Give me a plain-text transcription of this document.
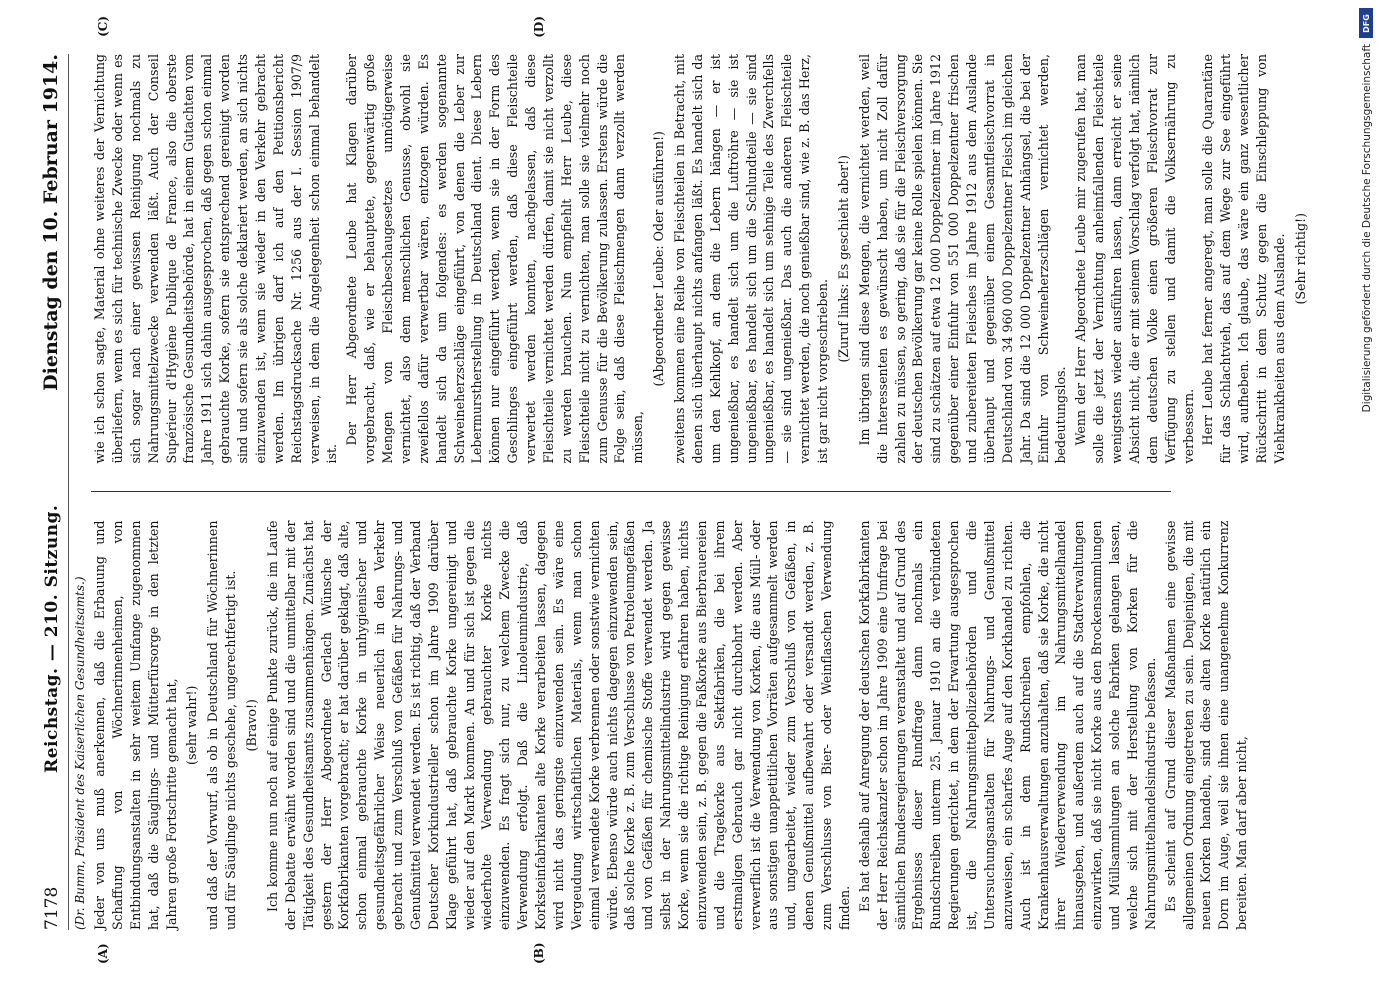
7178
Reichstag. — 210. Sitzung.
Dienstag den 10. Februar 1914.
(Dr. Bumm, Präsident des Kaiserlichen Gesundheitsamts.)
(A)	(B)

Jeder von uns muß anerkennen, daß die Erbauung und Schaffung von Wöchnerinnenheimen, von Entbindungsanstalten in sehr weitem Umfange zugenommen hat, daß die Säuglings- und Mütterfürsorge in den letzten Jahren große Fortschritte gemacht hat, (sehr wahr!) und daß der Vorwurf, als ob in Deutschland für Wöchnerinnen und für Säuglinge nichts geschehe, ungerechtfertigt ist. (Bravo!) Ich komme nun noch auf einige Punkte zurück, die im Laufe der Debatte erwähnt worden sind und die unmittelbar mit der Tätigkeit des Gesundheitsamts zusammenhängen. Zunächst hat gestern der Herr Abgeordnete Gerlach Wünsche der Korkfabrikanten vorgebracht; er hat darüber geklagt, daß alte, schon einmal gebrauchte Korke in unhygienischer und gesundheitsgefährlicher Weise neuerlich in den Verkehr gebracht und zum Verschluß von Gefäßen für Nahrungs- und Genußmittel verwendet werden. Es ist richtig, daß der Verband Deutscher Korkindustrieller schon im Jahre 1909 darüber Klage geführt hat, daß gebrauchte Korke ungereinigt und wieder auf den Markt kommen. An und für sich ist gegen die wiederholte Verwendung gebrauchter Korke nichts einzuwenden. Es fragt sich nur, zu welchem Zwecke die Verwendung erfolgt. Daß die Linoleumindustrie, daß Korksteinfabrikanten alte Korke verarbeiten lassen, dagegen wird nicht das geringste einzuwenden sein. Es wäre eine Vergeudung wirtschaftlichen Materials, wenn man schon einmal verwendete Korke verbrennen oder sonstwie vernichten würde. Ebenso würde auch nichts dagegen einzuwenden sein, daß solche Korke z. B. zum Verschlusse von Petroleumgefäßen und von Gefäßen für chemische Stoffe verwendet werden. Ja selbst in der Nahrungsmittelindustrie wird gegen gewisse Korke, wenn sie die richtige Reinigung erfahren haben, nichts einzuwenden sein, z. B. gegen die Faßkorke aus Bierbrauereien und die Tragekorke aus Sektfabriken, die bei ihrem erstmaligen Gebrauch gar nicht durchbohrt werden. Aber verwerflich ist die Verwendung von Korken, die aus Müll- oder aus sonstigen unappetitlichen Vorräten aufgesammelt werden und, ungearbeitet, wieder zum Verschluß von Gefäßen, in denen Genußmittel aufbewahrt oder versandt werden, z. B. zum Verschlusse von Bier- oder Weinflaschen Verwendung finden. Es hat deshalb auf Anregung der deutschen Korkfabrikanten der Herr Reichskanzler schon im Jahre 1909 eine Umfrage bei sämtlichen Bundesregierungen veranstaltet und auf Grund des Ergebnisses dieser Rundfrage dann nochmals ein Rundschreiben unterm 25. Januar 1910 an die verbündeten Regierungen gerichtet, in dem der Erwartung ausgesprochen ist, die Nahrungsmittelpolizeibehörden und die Untersuchungsanstalten für Nahrungs- und Genußmittel anzuweisen, ein scharfes Auge auf den Korkhandel zu richten. Auch ist in dem Rundschreiben empfohlen, die Krankenhausverwaltungen anzuhalten, daß sie Korke, die nicht ihrer Wiederverwendung im Nahrungsmittelhandel hinausgeben, und außerdem auch auf die Stadtverwaltungen einzuwirken, daß sie nicht Korke aus den Brockensammlungen und Müllsammlungen an solche Fabriken gelangen lassen, welche sich mit der Herstellung von Korken für die Nahrungsmittelhandelsindustrie befassen. Es scheint auf Grund dieser Maßnahmen eine gewisse allgemeinen Ordnung eingetreten zu sein. Denjenigen, die mit neuen Korken handeln, sind diese alten Korke natürlich ein Dorn im Auge, weil sie ihnen eine unangenehme Konkurrenz bereiten. Man darf aber nicht,

(C)	(D)

wie ich schon sagte, Material ohne weiteres der Vernichtung überliefern, wenn es sich für technische Zwecke oder wenn es sich sogar nach einer gewissen Reinigung nochmals zu Nahrungsmittelzwecke verwenden läßt. Auch der Conseil Supérieur d'Hygiène Publique de France, also die oberste französische Gesundheitsbehörde, hat in einem Gutachten vom Jahre 1911 sich dahin ausgesprochen, daß gegen schon einmal gebrauchte Korke, sofern sie entsprechend gereinigt worden sind und sofern sie als solche deklariert werden, an sich nichts einzuwenden ist, wenn sie wieder in den Verkehr gebracht werden. Im übrigen darf ich auf den Petitionsbericht Reichstagsdrucksache Nr. 1256 aus der I. Session 1907/9 verweisen, in dem die Angelegenheit schon einmal behandelt ist.

Der Herr Abgeordnete Leube hat Klagen darüber vorgebracht, daß, wie er behauptete, gegenwärtig große Mengen von Fleischbeschaugesetzes unnötigerweise vernichtet, also dem menschlichen Genusse, obwohl sie zweifellos dafür verwertbar wären, entzogen würden. Es handelt sich da um folgendes: es werden sogenannte Schweineherzschläge eingeführt, von denen die Leber zur Lebermurstherstellung in Deutschland dient. Diese Lebern können nur eingeführt werden, wenn sie in der Form des Geschlinges eingeführt werden, daß diese Fleischteile verwertet werden konnten, nachgelassen, daß diese Fleischteile vernichtet werden dürfen, damit sie nicht verzollt zu werden brauchen. Nun empfiehlt Herr Leube, diese Fleischteile nicht zu vernichten, man solle sie vielmehr noch zum Genusse für die Bevölkerung zulassen. Erstens würde die Folge sein, daß diese Fleischmengen dann verzollt werden müssen,

(Abgeordneter Leube: Oder ausführen!) zweitens kommen eine Reihe von Fleischteilen in Betracht, mit denen sich überhaupt nichts anfangen läßt. Es handelt sich da um den Kehlkopf, an dem die Lebern hängen — er ist ungenießbar, es handelt sich um die Luftröhre — sie ist ungenießbar, es handelt sich um die Schlundteile — sie sind ungenießbar, es handelt sich um sehnige Teile des Zwerchfells — sie sind ungenießbar. Das auch die anderen Fleischteile vernichtet werden, die noch genießbar sind, wie z. B. das Herz, ist gar nicht vorgeschrieben.

(Zuruf links: Es geschieht aber!) Im übrigen sind diese Mengen, die vernichtet werden, weil die Interessenten es gewünscht haben, um nicht Zoll dafür zahlen zu müssen, so gering, daß sie für die Fleischversorgung der deutschen Bevölkerung gar keine Rolle spielen können. Sie sind zu schätzen auf etwa 12 000 Doppelzentner im Jahre 1912 gegenüber einer Einfuhr von 551 000 Doppelzentner frischen und zubereiteten Fleisches im Jahre 1912 aus dem Auslande überhaupt und gegenüber einem Gesamtfleischvorrat in Deutschland von 34 960 000 Doppelzentner Fleisch im gleichen Jahr. Da sind die 12 000 Doppelzentner Anhängsel, die bei der Einfuhr von Schweineherzschlägen vernichtet werden, bedeutungslos. Wenn der Herr Abgeordnete Leube mir zugerufen hat, man solle die jetzt der Vernichtung anheimfallenden Fleischteile wenigstens wieder ausführen lassen, dann erreicht er seine Absicht nicht, die er mit seinem Vorschlag verfolgt hat, nämlich dem deutschen Volke einen größeren Fleischvorrat zur Verfügung zu stellen und damit die Volksernährung zu verbessern. Herr Leube hat ferner angeregt, man solle die Quarantäne für das Schlachtvieh, das auf dem Wege zur See eingeführt wird, aufheben. Ich glaube, das wäre ein ganz wesentlicher Rückschritt in dem Schutz gegen die Einschleppung von Viehkrankheiten aus dem Auslande. (Sehr richtig!)

DFG
Digitalisierung gefördert durch die Deutsche Forschungsgemeinschaft
